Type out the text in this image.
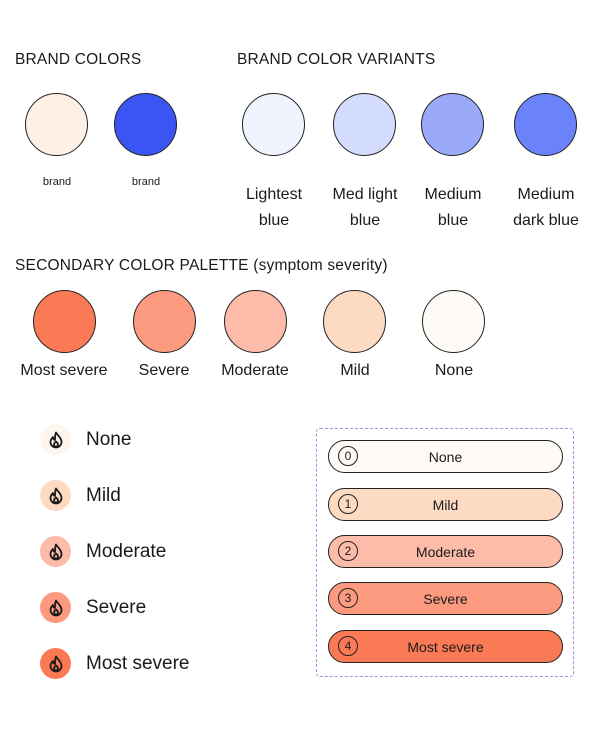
BRAND COLORS	BRAND COLOR VARIANTS
SECONDARY COLOR PALETTE (symptom severity)
brand	brand
Lightest
blue
Med light
blue
Medium
blue
Medium
dark blue
Most severe	Severe	Moderate	Mild	None
None
Mild
Moderate
Severe
Most severe
None
0
Mild
1
Moderate
2
Severe
3
Most severe
4
